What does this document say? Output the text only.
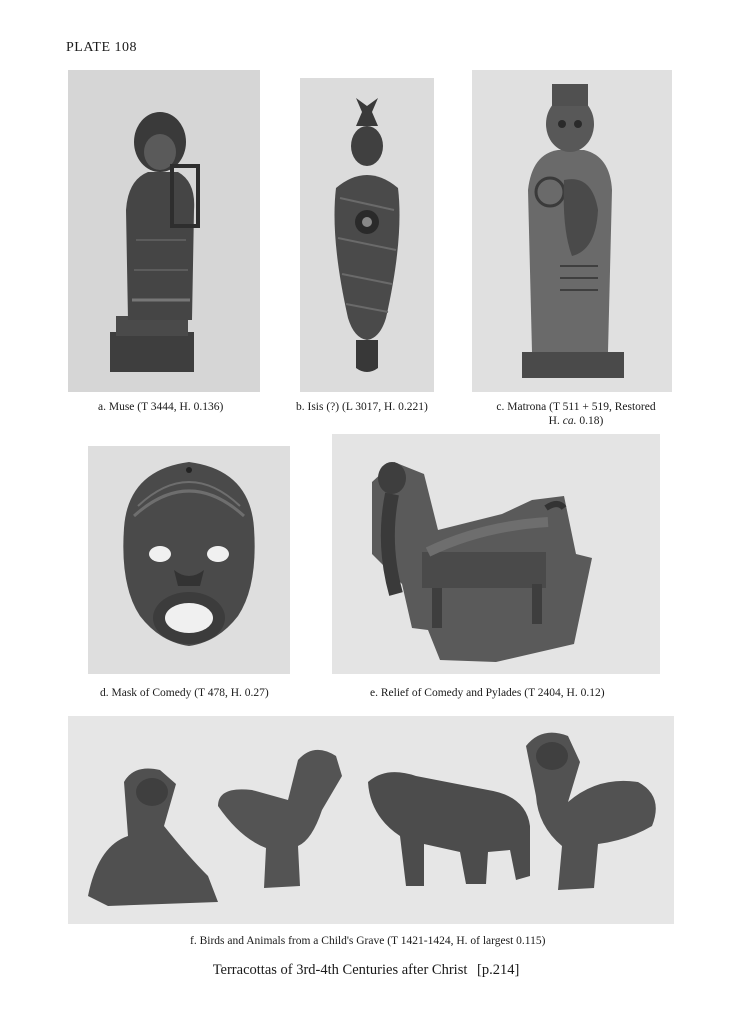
PLATE 108
a. Muse (T 3444, H. 0.136)	b. Isis (?) (L 3017, H. 0.221)	c. Matrona (T 511 + 519, Restored
H. ca. 0.18)
d. Mask of Comedy (T 478, H. 0.27)	e. Relief of Comedy and Pylades (T 2404, H. 0.12)
f. Birds and Animals from a Child's Grave (T 1421-1424, H. of largest 0.115)
Terracottas of 3rd-4th Centuries after Christ [p.214]
